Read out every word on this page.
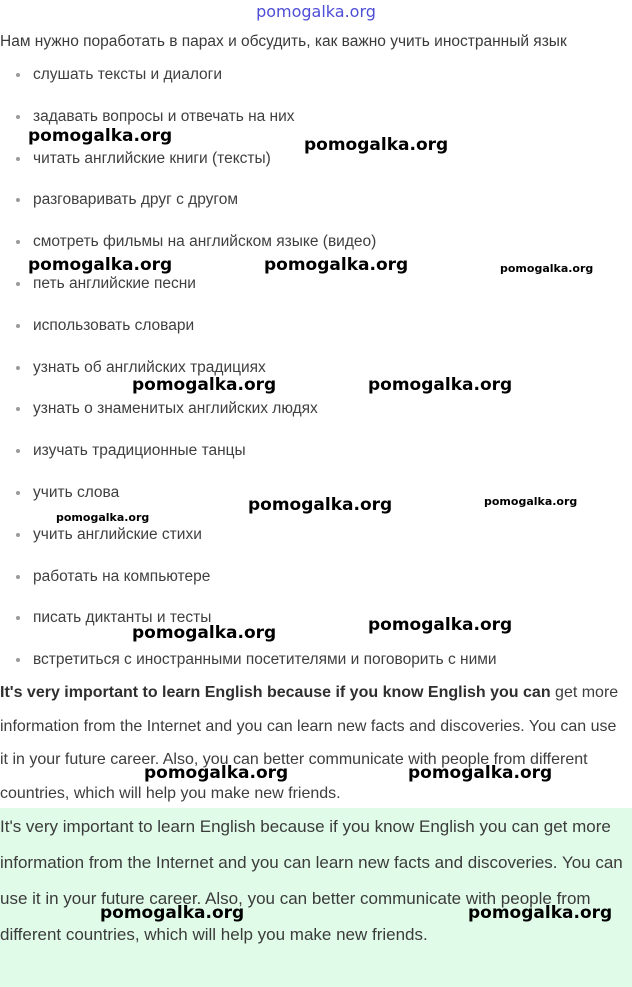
pomogalka.org
Нам нужно поработать в парах и обсудить, как важно учить иностранный язык
слушать тексты и диалоги
задавать вопросы и отвечать на них
читать английские книги (тексты)
разговаривать друг с другом
смотреть фильмы на английском языке (видео)
петь английские песни
использовать словари
узнать об английских традициях
узнать о знаменитых английских людях
изучать традиционные танцы
учить слова
учить английские стихи
работать на компьютере
писать диктанты и тесты
встретиться с иностранными посетителями и поговорить с ними

It's very important to learn English because if you know English you can get more information from the Internet and you can learn new facts and discoveries. You can use it in your future career. Also, you can better communicate with people from different countries, which will help you make new friends.

It's very important to learn English because if you know English you can get more information from the Internet and you can learn new facts and discoveries. You can use it in your future career. Also, you can better communicate with people from different countries, which will help you make new friends.

pomogalka.org	pomogalka.org
pomogalka.org	pomogalka.org	pomogalka.org
pomogalka.org	pomogalka.org
pomogalka.org	pomogalka.org
pomogalka.org
pomogalka.org
pomogalka.org
pomogalka.org	pomogalka.org
pomogalka.org	pomogalka.org
